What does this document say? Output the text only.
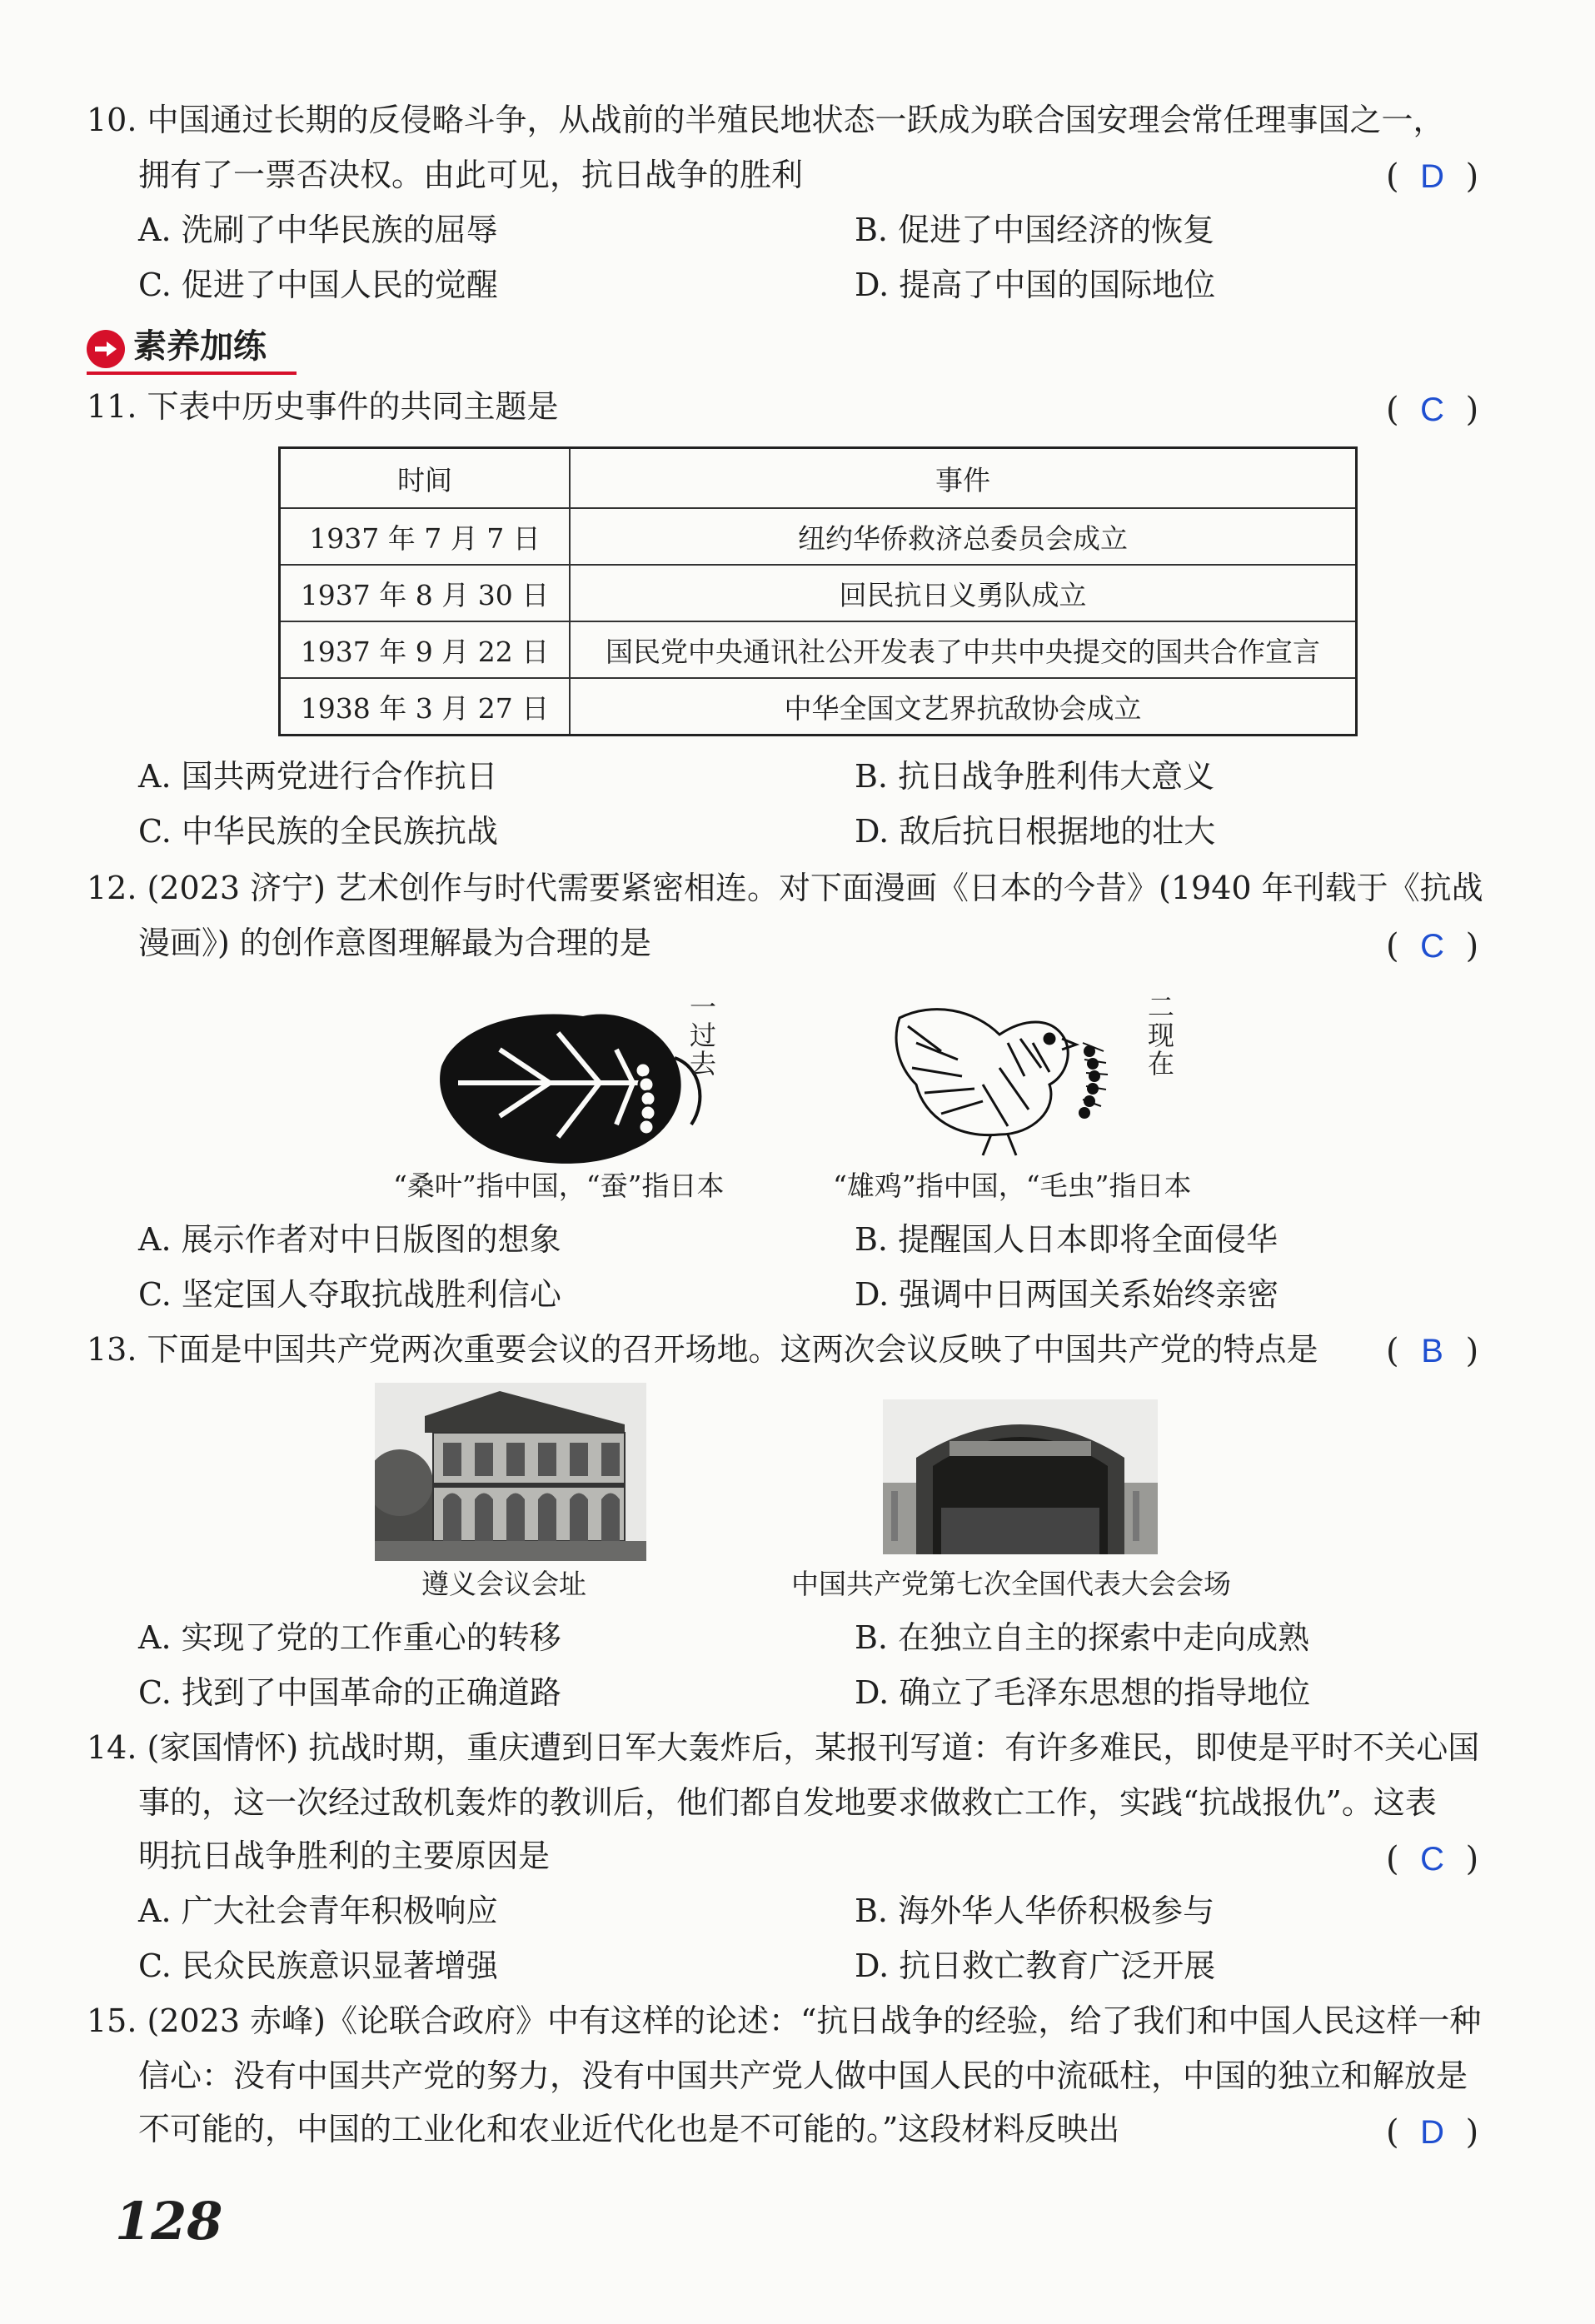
10. 中国通过长期的反侵略斗争，从战前的半殖民地状态一跃成为联合国安理会常任理事国之一，
拥有了一票否决权。由此可见，抗日战争的胜利	( D )
A. 洗刷了中华民族的屈辱	B. 促进了中国经济的恢复
C. 促进了中国人民的觉醒	D. 提高了中国的国际地位
素养加练
11. 下表中历史事件的共同主题是	( C )
时间	事件
1937 年 7 月 7 日	纽约华侨救济总委员会成立
1937 年 8 月 30 日	回民抗日义勇队成立
1937 年 9 月 22 日	国民党中央通讯社公开发表了中共中央提交的国共合作宣言
1938 年 3 月 27 日	中华全国文艺界抗敌协会成立
A. 国共两党进行合作抗日	B. 抗日战争胜利伟大意义
C. 中华民族的全民族抗战	D. 敌后抗日根据地的壮大
12. (2023 济宁) 艺术创作与时代需要紧密相连。对下面漫画《日本的今昔》(1940 年刊载于《抗战
漫画》) 的创作意图理解最为合理的是	( C )
一过去
“桑叶”指中国，“蚕”指日本
二现在
“雄鸡”指中国，“毛虫”指日本
A. 展示作者对中日版图的想象	B. 提醒国人日本即将全面侵华
C. 坚定国人夺取抗战胜利信心	D. 强调中日两国关系始终亲密
13. 下面是中国共产党两次重要会议的召开场地。这两次会议反映了中国共产党的特点是 ( B )
遵义会议会址	中国共产党第七次全国代表大会会场
A. 实现了党的工作重心的转移	B. 在独立自主的探索中走向成熟
C. 找到了中国革命的正确道路	D. 确立了毛泽东思想的指导地位
14. (家国情怀) 抗战时期，重庆遭到日军大轰炸后，某报刊写道：有许多难民，即使是平时不关心国
事的，这一次经过敌机轰炸的教训后，他们都自发地要求做救亡工作，实践“抗战报仇”。这表
明抗日战争胜利的主要原因是	( C )
A. 广大社会青年积极响应	B. 海外华人华侨积极参与
C. 民众民族意识显著增强	D. 抗日救亡教育广泛开展
15. (2023 赤峰)《论联合政府》中有这样的论述：“抗日战争的经验，给了我们和中国人民这样一种
信心：没有中国共产党的努力，没有中国共产党人做中国人民的中流砥柱，中国的独立和解放是
不可能的，中国的工业化和农业近代化也是不可能的。”这段材料反映出	( D )
128
